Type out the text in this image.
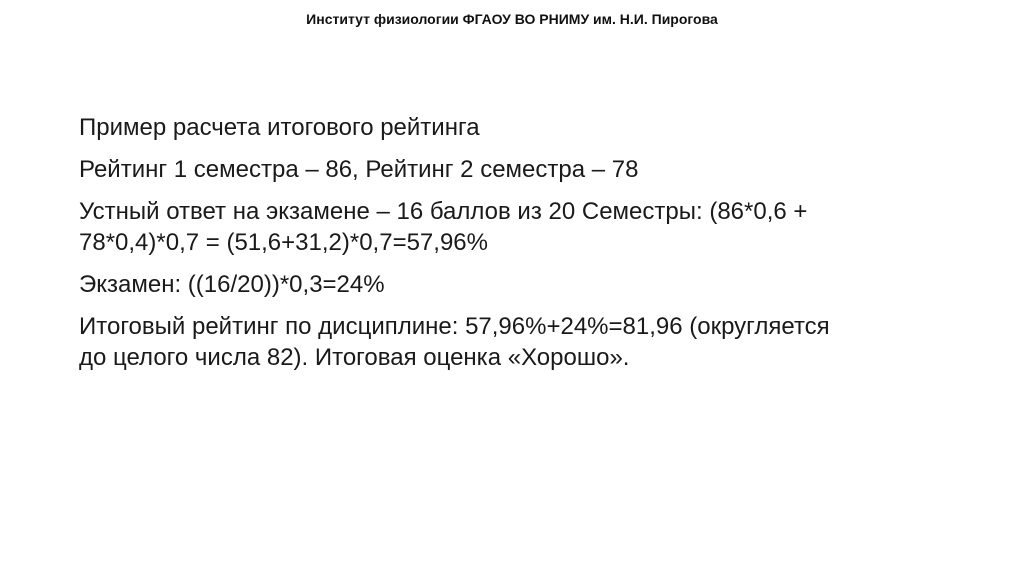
Институт физиологии ФГАОУ ВО РНИМУ им. Н.И. Пирогова

Пример расчета итогового рейтинга

Рейтинг 1 семестра – 86, Рейтинг 2 семестра – 78

Устный ответ на экзамене – 16 баллов из 20 Семестры: (86*0,6 +
78*0,4)*0,7 = (51,6+31,2)*0,7=57,96%

Экзамен: ((16/20))*0,3=24%

Итоговый рейтинг по дисциплине: 57,96%+24%=81,96 (округляется
до целого числа 82). Итоговая оценка «Хорошо».
